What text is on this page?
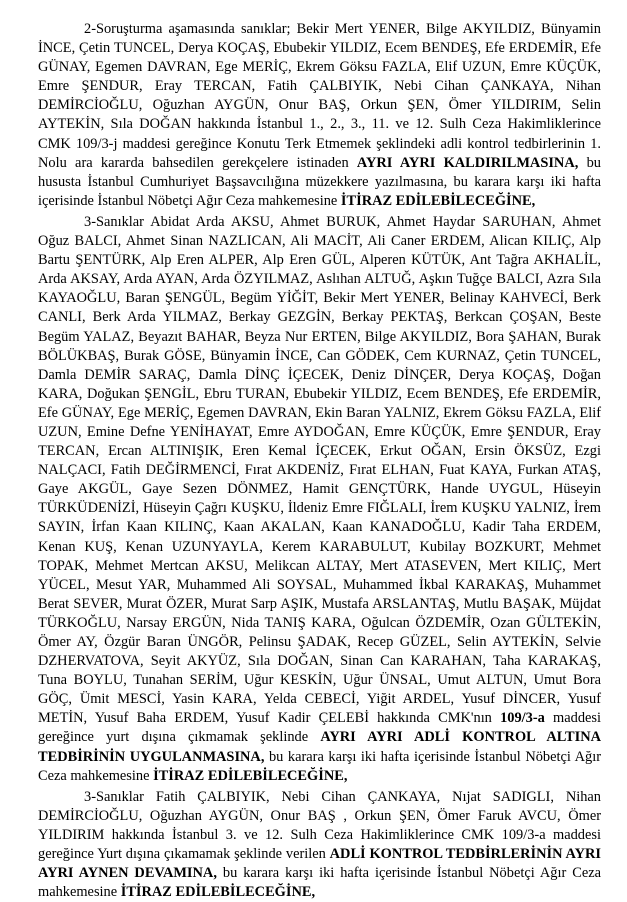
2-Soruşturma aşamasında sanıklar; Bekir Mert YENER, Bilge AKYILDIZ, Bünyamin İNCE, Çetin TUNCEL, Derya KOÇAŞ, Ebubekir YILDIZ, Ecem BENDEŞ, Efe ERDEMİR, Efe GÜNAY, Egemen DAVRAN, Ege MERİÇ, Ekrem Göksu FAZLA, Elif UZUN, Emre KÜÇÜK, Emre ŞENDUR, Eray TERCAN, Fatih ÇALBIYIK, Nebi Cihan ÇANKAYA, Nihan DEMİRCİOĞLU, Oğuzhan AYGÜN, Onur BAŞ, Orkun ŞEN, Ömer YILDIRIM, Selin AYTEKİN, Sıla DOĞAN hakkında İstanbul 1., 2., 3., 11. ve 12. Sulh Ceza Hakimliklerince CMK 109/3-j maddesi gereğince Konutu Terk Etmemek şeklindeki adli kontrol tedbirlerinin 1. Nolu ara kararda bahsedilen gerekçelere istinaden AYRI AYRI KALDIRILMASINA, bu hususta İstanbul Cumhuriyet Başsavcılığına müzekkere yazılmasına, bu karara karşı iki hafta içerisinde İstanbul Nöbetçi Ağır Ceza mahkemesine İTİRAZ EDİLEBİLECEĞİNE,

3-Sanıklar Abidat Arda AKSU, Ahmet BURUK, Ahmet Haydar SARUHAN, Ahmet Oğuz BALCI, Ahmet Sinan NAZLICAN, Ali MACİT, Ali Caner ERDEM, Alican KILIÇ, Alp Bartu ŞENTÜRK, Alp Eren ALPER, Alp Eren GÜL, Alperen KÜTÜK, Ant Tağra AKHALİL, Arda AKSAY, Arda AYAN, Arda ÖZYILMAZ, Aslıhan ALTUĞ, Aşkın Tuğçe BALCI, Azra Sıla KAYAOĞLU, Baran ŞENGÜL, Begüm YİĞİT, Bekir Mert YENER, Belinay KAHVECİ, Berk CANLI, Berk Arda YILMAZ, Berkay GEZGİN, Berkay PEKTAŞ, Berkcan ÇOŞAN, Beste Begüm YALAZ, Beyazıt BAHAR, Beyza Nur ERTEN, Bilge AKYILDIZ, Bora ŞAHAN, Burak BÖLÜKBAŞ, Burak GÖSE, Bünyamin İNCE, Can GÖDEK, Cem KURNAZ, Çetin TUNCEL, Damla DEMİR SARAÇ, Damla DİNÇ İÇECEK, Deniz DİNÇER, Derya KOÇAŞ, Doğan KARA, Doğukan ŞENGİL, Ebru TURAN, Ebubekir YILDIZ, Ecem BENDEŞ, Efe ERDEMİR, Efe GÜNAY, Ege MERİÇ, Egemen DAVRAN, Ekin Baran YALNIZ, Ekrem Göksu FAZLA, Elif UZUN, Emine Defne YENİHAYAT, Emre AYDOĞAN, Emre KÜÇÜK, Emre ŞENDUR, Eray TERCAN, Ercan ALTINIŞIK, Eren Kemal İÇECEK, Erkut OĞAN, Ersin ÖKSÜZ, Ezgi NALÇACI, Fatih DEĞİRMENCİ, Fırat AKDENİZ, Fırat ELHAN, Fuat KAYA, Furkan ATAŞ, Gaye AKGÜL, Gaye Sezen DÖNMEZ, Hamit GENÇTÜRK, Hande UYGUL, Hüseyin TÜRKÜDENİZİ, Hüseyin Çağrı KUŞKU, İldeniz Emre FIĞLALI, İrem KUŞKU YALNIZ, İrem SAYIN, İrfan Kaan KILINÇ, Kaan AKALAN, Kaan KANADOĞLU, Kadir Taha ERDEM, Kenan KUŞ, Kenan UZUNYAYLA, Kerem KARABULUT, Kubilay BOZKURT, Mehmet TOPAK, Mehmet Mertcan AKSU, Melikcan ALTAY, Mert ATASEVEN, Mert KILIÇ, Mert YÜCEL, Mesut YAR, Muhammed Ali SOYSAL, Muhammed İkbal KARAKAŞ, Muhammet Berat SEVER, Murat ÖZER, Murat Sarp AŞIK, Mustafa ARSLANTAŞ, Mutlu BAŞAK, Müjdat TÜRKOĞLU, Narsay ERGÜN, Nida TANIŞ KARA, Oğulcan ÖZDEMİR, Ozan GÜLTEKİN, Ömer AY, Özgür Baran ÜNGÖR, Pelinsu ŞADAK, Recep GÜZEL, Selin AYTEKİN, Selvie DZHERVATOVA, Seyit AKYÜZ, Sıla DOĞAN, Sinan Can KARAHAN, Taha KARAKAŞ, Tuna BOYLU, Tunahan SERİM, Uğur KESKİN, Uğur ÜNSAL, Umut ALTUN, Umut Bora GÖÇ, Ümit MESCİ, Yasin KARA, Yelda CEBECİ, Yiğit ARDEL, Yusuf DİNCER, Yusuf METİN, Yusuf Baha ERDEM, Yusuf Kadir ÇELEBİ hakkında CMK'nın 109/3-a maddesi gereğince yurt dışına çıkmamak şeklinde AYRI AYRI ADLİ KONTROL ALTINA TEDBİRİNİN UYGULANMASINA, bu karara karşı iki hafta içerisinde İstanbul Nöbetçi Ağır Ceza mahkemesine İTİRAZ EDİLEBİLECEĞİNE,

3-Sanıklar Fatih ÇALBIYIK, Nebi Cihan ÇANKAYA, Nıjat SADIGLI, Nihan DEMİRCİOĞLU, Oğuzhan AYGÜN, Onur BAŞ , Orkun ŞEN, Ömer Faruk AVCU, Ömer YILDIRIM hakkında İstanbul 3. ve 12. Sulh Ceza Hakimliklerince CMK 109/3-a maddesi gereğince Yurt dışına çıkamamak şeklinde verilen ADLİ KONTROL TEDBİRLERİNİN AYRI AYRI AYNEN DEVAMINA, bu karara karşı iki hafta içerisinde İstanbul Nöbetçi Ağır Ceza mahkemesine İTİRAZ EDİLEBİLECEĞİNE,
